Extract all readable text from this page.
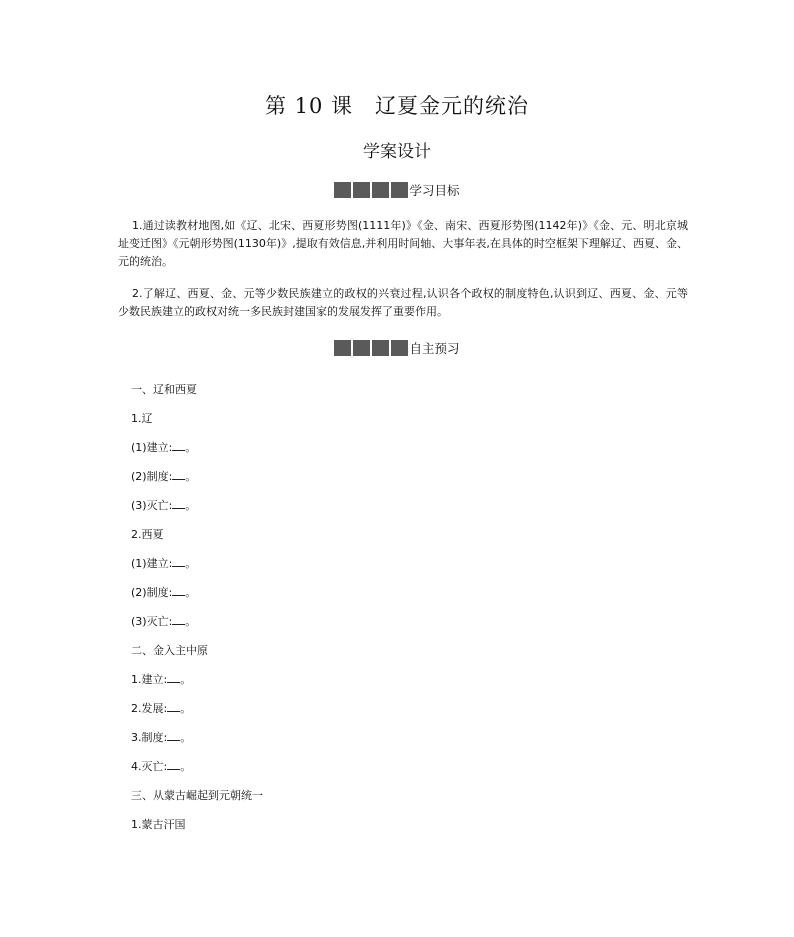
第 10 课 辽夏金元的统治
学案设计
学习目标
1.通过读教材地图,如《辽、北宋、西夏形势图(1111年)》《金、南宋、西夏形势图(1142年)》《金、元、明北京城址变迁图》《元朝形势图(1130年)》,提取有效信息,并利用时间轴、大事年表,在具体的时空框架下理解辽、西夏、金、元的统治。
2.了解辽、西夏、金、元等少数民族建立的政权的兴衰过程,认识各个政权的制度特色,认识到辽、西夏、金、元等少数民族建立的政权对统一多民族封建国家的发展发挥了重要作用。
自主预习
一、辽和西夏
1.辽
(1)建立: 。
(2)制度: 。
(3)灭亡: 。
2.西夏
(1)建立: 。
(2)制度: 。
(3)灭亡: 。
二、金入主中原
1.建立: 。
2.发展: 。
3.制度: 。
4.灭亡: 。
三、从蒙古崛起到元朝统一
1.蒙古汗国
